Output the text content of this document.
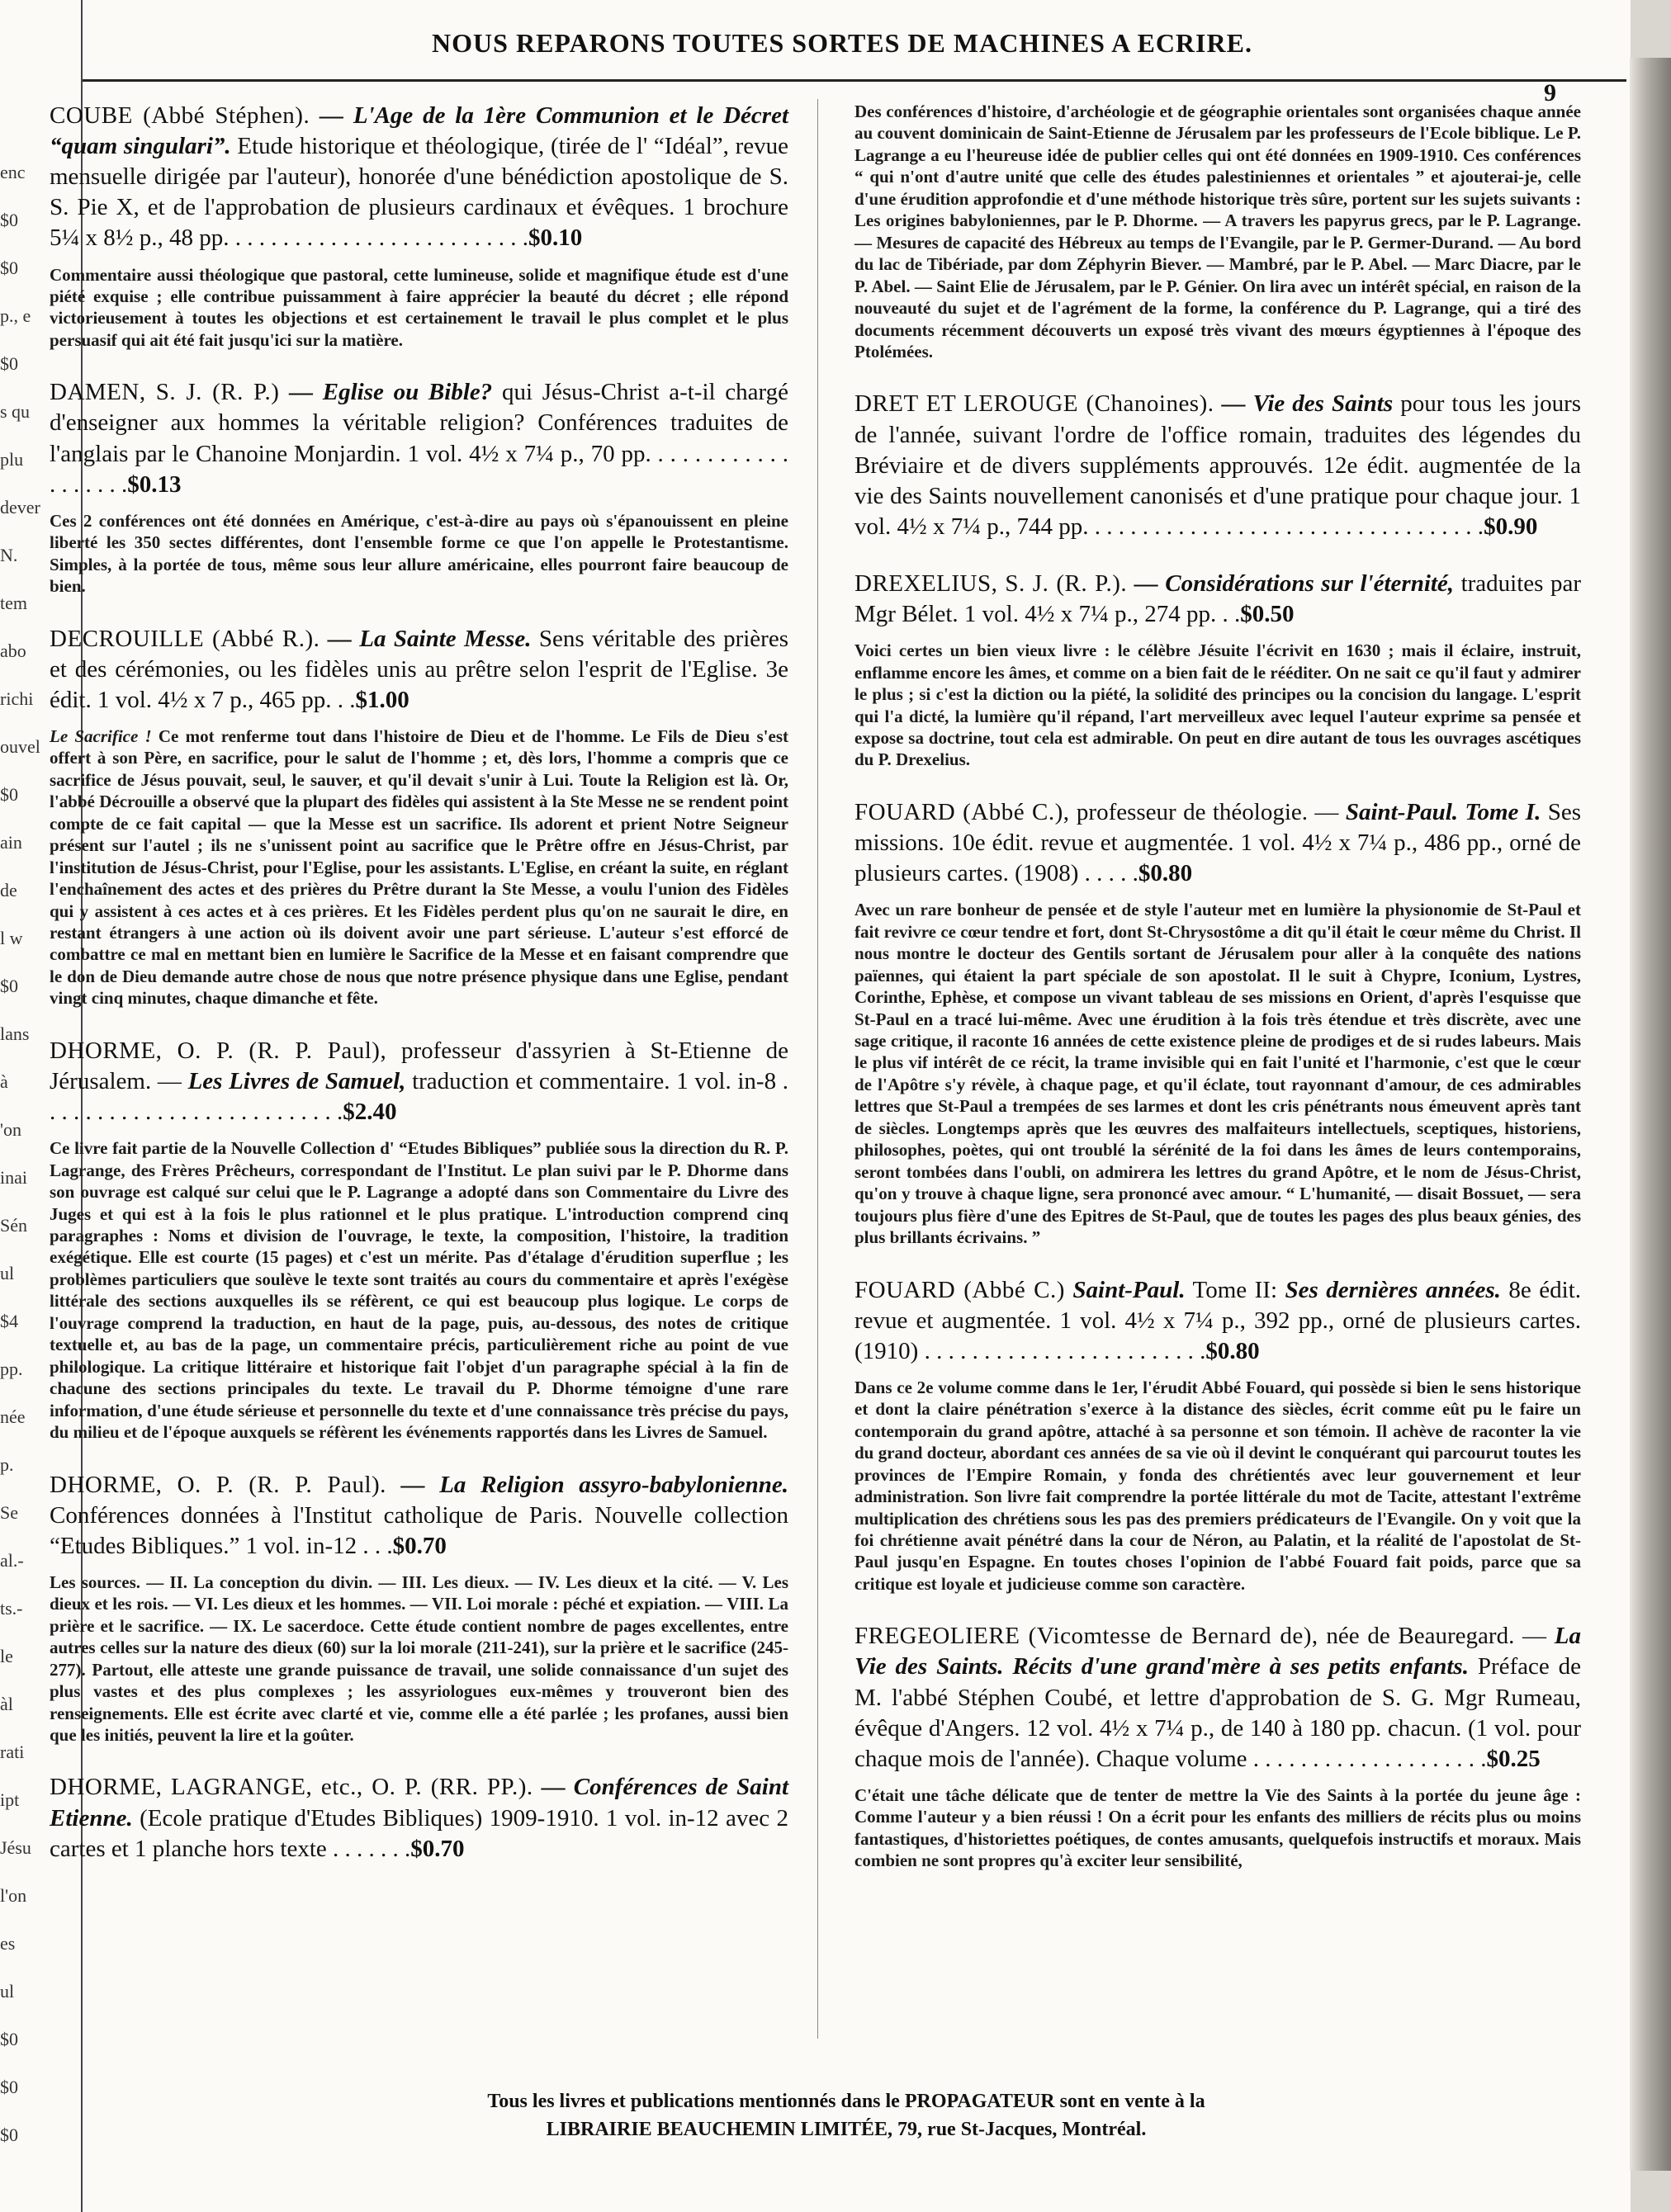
enc
$0
$0
p., e
$0
s qu
plu
dever
N.
tem
abo
richi
ouvel
$0
ain
de
l w
$0
lans
à
'on
inai
Sén
ul
$4
pp.
née
p.
Se
al.-
ts.-
le
àl
rati
ipt
Jésu
l'on
es
ul
$0
$0
$0
NOUS REPARONS TOUTES SORTES DE MACHINES A ECRIRE.
9

COUBE (Abbé Stéphen). — L'Age de la 1ère Communion et le Décret “quam singulari”. Etude historique et théologique, (tirée de l' “Idéal”, revue mensuelle dirigée par l'auteur), honorée d'une bénédiction apostolique de S. S. Pie X, et de l'approbation de plusieurs cardinaux et évêques. 1 brochure 5¼ x 8½ p., 48 pp. . . . . . . . . . . . . . . . . . . . . . . . . .$0.10

Commentaire aussi théologique que pastoral, cette lumineuse, solide et magnifique étude est d'une piété exquise ; elle contribue puissamment à faire apprécier la beauté du décret ; elle répond victorieusement à toutes les objections et est certainement le travail le plus complet et le plus persuasif qui ait été fait jusqu'ici sur la matière.

DAMEN, S. J. (R. P.) — Eglise ou Bible? qui Jésus-Christ a-t-il chargé d'enseigner aux hommes la véritable religion? Conférences traduites de l'anglais par le Chanoine Monjardin. 1 vol. 4½ x 7¼ p., 70 pp. . . . . . . . . . . . . . . . . . .$0.13

Ces 2 conférences ont été données en Amérique, c'est-à-dire au pays où s'épanouissent en pleine liberté les 350 sectes différentes, dont l'ensemble forme ce que l'on appelle le Protestantisme. Simples, à la portée de tous, même sous leur allure américaine, elles pourront faire beaucoup de bien.

DECROUILLE (Abbé R.). — La Sainte Messe. Sens véritable des prières et des cérémonies, ou les fidèles unis au prêtre selon l'esprit de l'Eglise. 3e édit. 1 vol. 4½ x 7 p., 465 pp. . .$1.00

Le Sacrifice ! Ce mot renferme tout dans l'histoire de Dieu et de l'homme. Le Fils de Dieu s'est offert à son Père, en sacrifice, pour le salut de l'homme ; et, dès lors, l'homme a compris que ce sacrifice de Jésus pouvait, seul, le sauver, et qu'il devait s'unir à Lui. Toute la Religion est là. Or, l'abbé Décrouille a observé que la plupart des fidèles qui assistent à la Ste Messe ne se rendent point compte de ce fait capital — que la Messe est un sacrifice. Ils adorent et prient Notre Seigneur présent sur l'autel ; ils ne s'unissent point au sacrifice que le Prêtre offre en Jésus-Christ, par l'institution de Jésus-Christ, pour l'Eglise, pour les assistants. L'Eglise, en créant la suite, en réglant l'enchaînement des actes et des prières du Prêtre durant la Ste Messe, a voulu l'union des Fidèles qui y assistent à ces actes et à ces prières. Et les Fidèles perdent plus qu'on ne saurait le dire, en restant étrangers à une action où ils doivent avoir une part sérieuse. L'auteur s'est efforcé de combattre ce mal en mettant bien en lumière le Sacrifice de la Messe et en faisant comprendre que le don de Dieu demande autre chose de nous que notre présence physique dans une Eglise, pendant vingt cinq minutes, chaque dimanche et fête.

DHORME, O. P. (R. P. Paul), professeur d'assyrien à St-Etienne de Jérusalem. — Les Livres de Samuel, traduction et commentaire. 1 vol. in-8 . . . . . . . . . . . . . . . . . . . . . . . . . .$2.40

Ce livre fait partie de la Nouvelle Collection d' “Etudes Bibliques” publiée sous la direction du R. P. Lagrange, des Frères Prêcheurs, correspondant de l'Institut. Le plan suivi par le P. Dhorme dans son ouvrage est calqué sur celui que le P. Lagrange a adopté dans son Commentaire du Livre des Juges et qui est à la fois le plus rationnel et le plus pratique. L'introduction comprend cinq paragraphes : Noms et division de l'ouvrage, le texte, la composition, l'histoire, la tradition exégétique. Elle est courte (15 pages) et c'est un mérite. Pas d'étalage d'érudition superflue ; les problèmes particuliers que soulève le texte sont traités au cours du commentaire et après l'exégèse littérale des sections auxquelles ils se réfèrent, ce qui est beaucoup plus logique. Le corps de l'ouvrage comprend la traduction, en haut de la page, puis, au-dessous, des notes de critique textuelle et, au bas de la page, un commentaire précis, particulièrement riche au point de vue philologique. La critique littéraire et historique fait l'objet d'un paragraphe spécial à la fin de chacune des sections principales du texte. Le travail du P. Dhorme témoigne d'une rare information, d'une étude sérieuse et personnelle du texte et d'une connaissance très précise du pays, du milieu et de l'époque auxquels se réfèrent les événements rapportés dans les Livres de Samuel.

DHORME, O. P. (R. P. Paul). — La Religion assyro-babylonienne. Conférences données à l'Institut catholique de Paris. Nouvelle collection “Etudes Bibliques.” 1 vol. in-12 . . .$0.70

Les sources. — II. La conception du divin. — III. Les dieux. — IV. Les dieux et la cité. — V. Les dieux et les rois. — VI. Les dieux et les hommes. — VII. Loi morale : péché et expiation. — VIII. La prière et le sacrifice. — IX. Le sacerdoce. Cette étude contient nombre de pages excellentes, entre autres celles sur la nature des dieux (60) sur la loi morale (211-241), sur la prière et le sacrifice (245-277). Partout, elle atteste une grande puissance de travail, une solide connaissance d'un sujet des plus vastes et des plus complexes ; les assyriologues eux-mêmes y trouveront bien des renseignements. Elle est écrite avec clarté et vie, comme elle a été parlée ; les profanes, aussi bien que les initiés, peuvent la lire et la goûter.

DHORME, LAGRANGE, etc., O. P. (RR. PP.). — Conférences de Saint Etienne. (Ecole pratique d'Etudes Bibliques) 1909-1910. 1 vol. in-12 avec 2 cartes et 1 planche hors texte . . . . . . .$0.70

Des conférences d'histoire, d'archéologie et de géographie orientales sont organisées chaque année au couvent dominicain de Saint-Etienne de Jérusalem par les professeurs de l'Ecole biblique. Le P. Lagrange a eu l'heureuse idée de publier celles qui ont été données en 1909-1910. Ces conférences “ qui n'ont d'autre unité que celle des études palestiniennes et orientales ” et ajouterai-je, celle d'une érudition approfondie et d'une méthode historique très sûre, portent sur les sujets suivants : Les origines babyloniennes, par le P. Dhorme. — A travers les papyrus grecs, par le P. Lagrange. — Mesures de capacité des Hébreux au temps de l'Evangile, par le P. Germer-Durand. — Au bord du lac de Tibériade, par dom Zéphyrin Biever. — Mambré, par le P. Abel. — Marc Diacre, par le P. Abel. — Saint Elie de Jérusalem, par le P. Génier. On lira avec un intérêt spécial, en raison de la nouveauté du sujet et de l'agrément de la forme, la conférence du P. Lagrange, qui a tiré des documents récemment découverts un exposé très vivant des mœurs égyptiennes à l'époque des Ptolémées.

DRET ET LEROUGE (Chanoines). — Vie des Saints pour tous les jours de l'année, suivant l'ordre de l'office romain, traduites des légendes du Bréviaire et de divers suppléments approuvés. 12e édit. augmentée de la vie des Saints nouvellement canonisés et d'une pratique pour chaque jour. 1 vol. 4½ x 7¼ p., 744 pp. . . . . . . . . . . . . . . . . . . . . . . . . . . . . . . . . .$0.90

DREXELIUS, S. J. (R. P.). — Considérations sur l'éternité, traduites par Mgr Bélet. 1 vol. 4½ x 7¼ p., 274 pp. . .$0.50

Voici certes un bien vieux livre : le célèbre Jésuite l'écrivit en 1630 ; mais il éclaire, instruit, enflamme encore les âmes, et comme on a bien fait de le rééditer. On ne sait ce qu'il faut y admirer le plus ; si c'est la diction ou la piété, la solidité des principes ou la concision du langage. L'esprit qui l'a dicté, la lumière qu'il répand, l'art merveilleux avec lequel l'auteur exprime sa pensée et expose sa doctrine, tout cela est admirable. On peut en dire autant de tous les ouvrages ascétiques du P. Drexelius.

FOUARD (Abbé C.), professeur de théologie. — Saint-Paul. Tome I. Ses missions. 10e édit. revue et augmentée. 1 vol. 4½ x 7¼ p., 486 pp., orné de plusieurs cartes. (1908) . . . . .$0.80

Avec un rare bonheur de pensée et de style l'auteur met en lumière la physionomie de St-Paul et fait revivre ce cœur tendre et fort, dont St-Chrysostôme a dit qu'il était le cœur même du Christ. Il nous montre le docteur des Gentils sortant de Jérusalem pour aller à la conquête des nations païennes, qui étaient la part spéciale de son apostolat. Il le suit à Chypre, Iconium, Lystres, Corinthe, Ephèse, et compose un vivant tableau de ses missions en Orient, d'après l'esquisse que St-Paul en a tracé lui-même. Avec une érudition à la fois très étendue et très discrète, avec une sage critique, il raconte 16 années de cette existence pleine de prodiges et de si rudes labeurs. Mais le plus vif intérêt de ce récit, la trame invisible qui en fait l'unité et l'harmonie, c'est que le cœur de l'Apôtre s'y révèle, à chaque page, et qu'il éclate, tout rayonnant d'amour, de ces admirables lettres que St-Paul a trempées de ses larmes et dont les cris pénétrants nous émeuvent après tant de siècles. Longtemps après que les œuvres des malfaiteurs intellectuels, sceptiques, historiens, philosophes, poètes, qui ont troublé la sérénité de la foi dans les âmes de leurs contemporains, seront tombées dans l'oubli, on admirera les lettres du grand Apôtre, et le nom de Jésus-Christ, qu'on y trouve à chaque ligne, sera prononcé avec amour. “ L'humanité, — disait Bossuet, — sera toujours plus fière d'une des Epitres de St-Paul, que de toutes les pages des plus beaux génies, des plus brillants écrivains. ”

FOUARD (Abbé C.) Saint-Paul. Tome II: Ses dernières années. 8e édit. revue et augmentée. 1 vol. 4½ x 7¼ p., 392 pp., orné de plusieurs cartes. (1910) . . . . . . . . . . . . . . . . . . . . . . . .$0.80

Dans ce 2e volume comme dans le 1er, l'érudit Abbé Fouard, qui possède si bien le sens historique et dont la claire pénétration s'exerce à la distance des siècles, écrit comme eût pu le faire un contemporain du grand apôtre, attaché à sa personne et son témoin. Il achève de raconter la vie du grand docteur, abordant ces années de sa vie où il devint le conquérant qui parcourut toutes les provinces de l'Empire Romain, y fonda des chrétientés avec leur gouvernement et leur administration. Son livre fait comprendre la portée littérale du mot de Tacite, attestant l'extrême multiplication des chrétiens sous les pas des premiers prédicateurs de l'Evangile. On y voit que la foi chrétienne avait pénétré dans la cour de Néron, au Palatin, et la réalité de l'apostolat de St-Paul jusqu'en Espagne. En toutes choses l'opinion de l'abbé Fouard fait poids, parce que sa critique est loyale et judicieuse comme son caractère.

FREGEOLIERE (Vicomtesse de Bernard de), née de Beauregard. — La Vie des Saints. Récits d'une grand'mère à ses petits enfants. Préface de M. l'abbé Stéphen Coubé, et lettre d'approbation de S. G. Mgr Rumeau, évêque d'Angers. 12 vol. 4½ x 7¼ p., de 140 à 180 pp. chacun. (1 vol. pour chaque mois de l'année). Chaque volume . . . . . . . . . . . . . . . . . . . .$0.25

C'était une tâche délicate que de tenter de mettre la Vie des Saints à la portée du jeune âge : Comme l'auteur y a bien réussi ! On a écrit pour les enfants des milliers de récits plus ou moins fantastiques, d'historiettes poétiques, de contes amusants, quelquefois instructifs et moraux. Mais combien ne sont propres qu'à exciter leur sensibilité,

Tous les livres et publications mentionnés dans le PROPAGATEUR sont en vente à la
LIBRAIRIE BEAUCHEMIN LIMITÉE, 79, rue St-Jacques, Montréal.
